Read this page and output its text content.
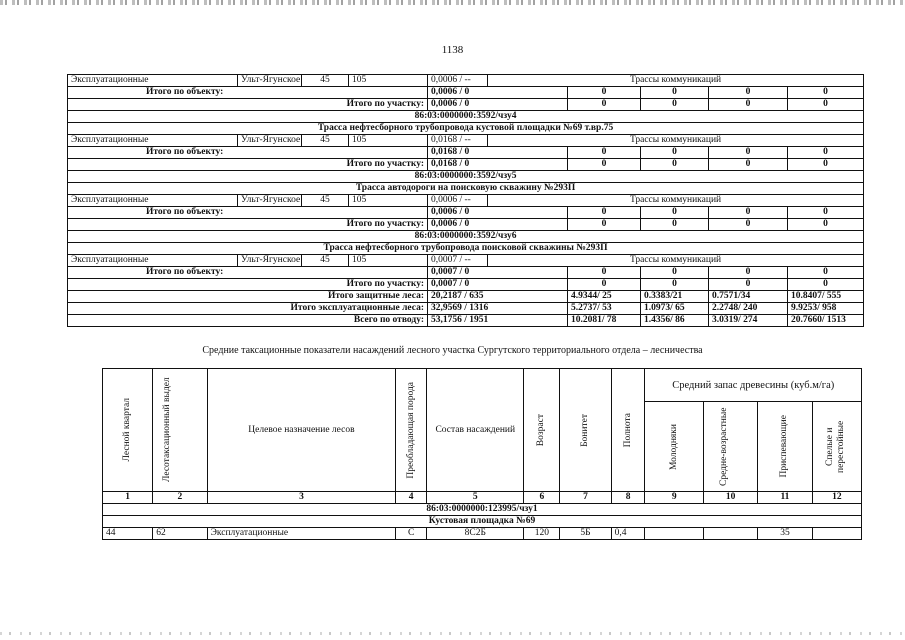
1138
Эксплуатационные	Ульт-Ягунское	45	105	0,0006 / --	Трассы коммуникаций				
Итого по объекту:				0,0006 / 0		0	0	0	0
Итого по участку:				0,0006 / 0		0	0	0	0
86:03:0000000:3592/чзу4									
Трасса нефтесборного трубопровода кустовой площадки №69 т.вр.75									
Эксплуатационные	Ульт-Ягунское	45	105	0,0168 / --	Трассы коммуникаций				
Итого по объекту:				0,0168 / 0		0	0	0	0
Итого по участку:				0,0168 / 0		0	0	0	0
86:03:0000000:3592/чзу5									
Трасса автодороги на поисковую скважину №293П									
Эксплуатационные	Ульт-Ягунское	45	105	0,0006 / --	Трассы коммуникаций				
Итого по объекту:				0,0006 / 0		0	0	0	0
Итого по участку:				0,0006 / 0		0	0	0	0
86:03:0000000:3592/чзу6									
Трасса нефтесборного трубопровода поисковой скважины №293П									
Эксплуатационные	Ульт-Ягунское	45	105	0,0007 / --	Трассы коммуникаций				
Итого по объекту:				0,0007 / 0		0	0	0	0
Итого по участку:				0,0007 / 0		0	0	0	0
Итого защитные леса:				20,2187 / 635		4.9344/ 25	0.3383/21	0.7571/34	10.8407/ 555
Итого эксплуатационные леса:				32,9569 / 1316		5.2737/ 53	1.0973/ 65	2.2748/ 240	9.9253/ 958
Всего по отводу:				53,1756 / 1951		10.2081/ 78	1.4356/ 86	3.0319/ 274	20.7660/ 1513
Средние таксационные показатели насаждений лесного участка Сургутского территориального отдела – лесничества
Лесной квартал	Лесотаксационный выдел	Целевое назначение лесов	Преобладающая порода	Состав насаждений	Возраст	Бонитет	Полнота	Средний запас древесины (куб.м/га)			

								Молодняки	Средне-возрастные	Приспевающие	Спелые и перестойные

1	2	3	4	5	6	7	8	9	10	11	12
86:03:0000000:123995/чзу1											
Кустовая площадка №69											
44	62	Эксплуатационные	С	8С2Б	120	5Б	0,4			35	
